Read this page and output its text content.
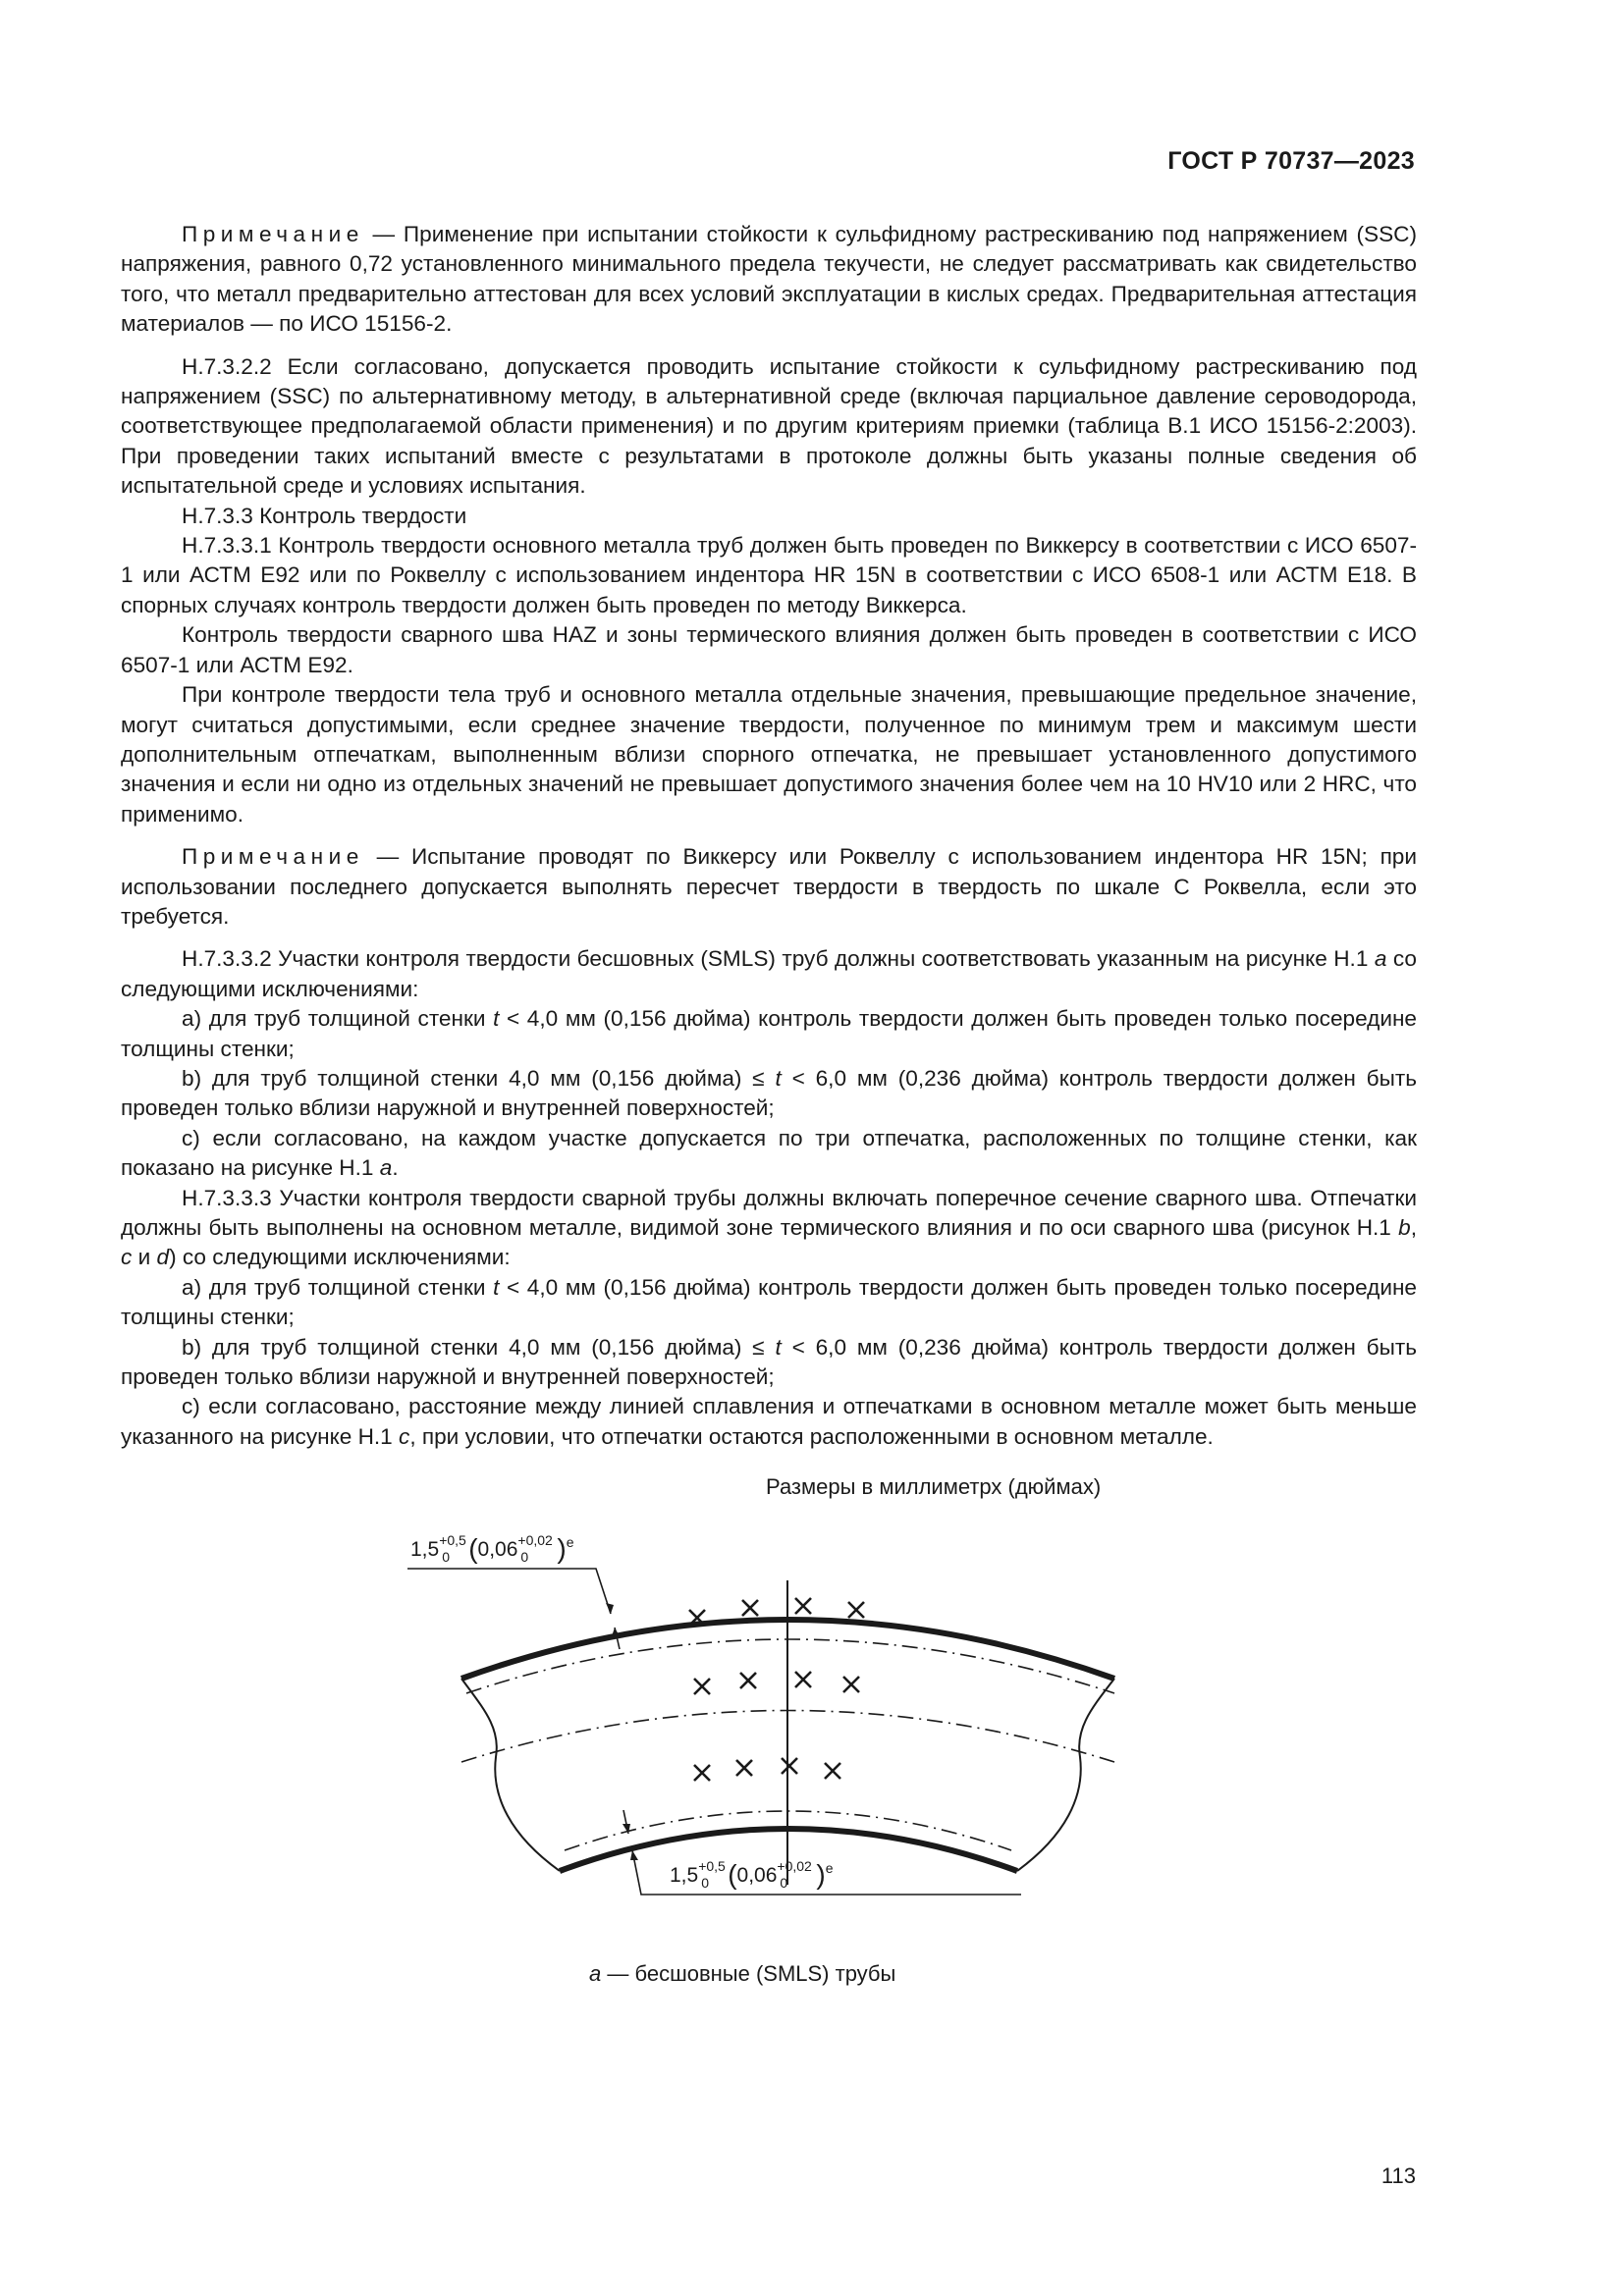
ГОСТ Р 70737—2023

Примечание — Применение при испытании стойкости к сульфидному растрескиванию под напряжением (SSC) напряжения, равного 0,72 установленного минимального предела текучести, не следует рассматривать как свидетельство того, что металл предварительно аттестован для всех условий эксплуатации в кислых средах. Предварительная аттестация материалов — по ИСО 15156-2.

Н.7.3.2.2 Если согласовано, допускается проводить испытание стойкости к сульфидному растрескиванию под напряжением (SSC) по альтернативному методу, в альтернативной среде (включая парциальное давление сероводорода, соответствующее предполагаемой области применения) и по другим критериям приемки (таблица В.1 ИСО 15156-2:2003). При проведении таких испытаний вместе с результатами в протоколе должны быть указаны полные сведения об испытательной среде и условиях испытания.

Н.7.3.3 Контроль твердости

Н.7.3.3.1 Контроль твердости основного металла труб должен быть проведен по Виккерсу в соответствии с ИСО 6507-1 или АСТМ Е92 или по Роквеллу с использованием индентора HR 15N в соответствии с ИСО 6508-1 или АСТМ Е18. В спорных случаях контроль твердости должен быть проведен по методу Виккерса.

Контроль твердости сварного шва HAZ и зоны термического влияния должен быть проведен в соответствии с ИСО 6507-1 или АСТМ Е92.

При контроле твердости тела труб и основного металла отдельные значения, превышающие предельное значение, могут считаться допустимыми, если среднее значение твердости, полученное по минимум трем и максимум шести дополнительным отпечаткам, выполненным вблизи спорного отпечатка, не превышает установленного допустимого значения и если ни одно из отдельных значений не превышает допустимого значения более чем на 10 HV10 или 2 HRC, что применимо.

Примечание — Испытание проводят по Виккерсу или Роквеллу с использованием индентора HR 15N; при использовании последнего допускается выполнять пересчет твердости в твердость по шкале С Роквелла, если это требуется.

Н.7.3.3.2 Участки контроля твердости бесшовных (SMLS) труб должны соответствовать указанным на рисунке Н.1 а со следующими исключениями:

а) для труб толщиной стенки t < 4,0 мм (0,156 дюйма) контроль твердости должен быть проведен только посередине толщины стенки;

b) для труб толщиной стенки 4,0 мм (0,156 дюйма) ≤ t < 6,0 мм (0,236 дюйма) контроль твердости должен быть проведен только вблизи наружной и внутренней поверхностей;

c) если согласовано, на каждом участке допускается по три отпечатка, расположенных по толщине стенки, как показано на рисунке Н.1 а.

Н.7.3.3.3 Участки контроля твердости сварной трубы должны включать поперечное сечение сварного шва. Отпечатки должны быть выполнены на основном металле, видимой зоне термического влияния и по оси сварного шва (рисунок Н.1 b, c и d) со следующими исключениями:

а) для труб толщиной стенки t < 4,0 мм (0,156 дюйма) контроль твердости должен быть проведен только посередине толщины стенки;

b) для труб толщиной стенки 4,0 мм (0,156 дюйма) ≤ t < 6,0 мм (0,236 дюйма) контроль твердости должен быть проведен только вблизи наружной и внутренней поверхностей;

c) если согласовано, расстояние между линией сплавления и отпечатками в основном металле может быть меньше указанного на рисунке Н.1 c, при условии, что отпечатки остаются расположенными в основном металле.

Размеры в миллиметрх (дюймах)
1,5 +0,5
0 (0,06 +0,02
0 )$^e$
1,5 +0,5
0 (0,06 +0,02
0 )$^e$
а — бесшовные (SMLS) трубы
113
